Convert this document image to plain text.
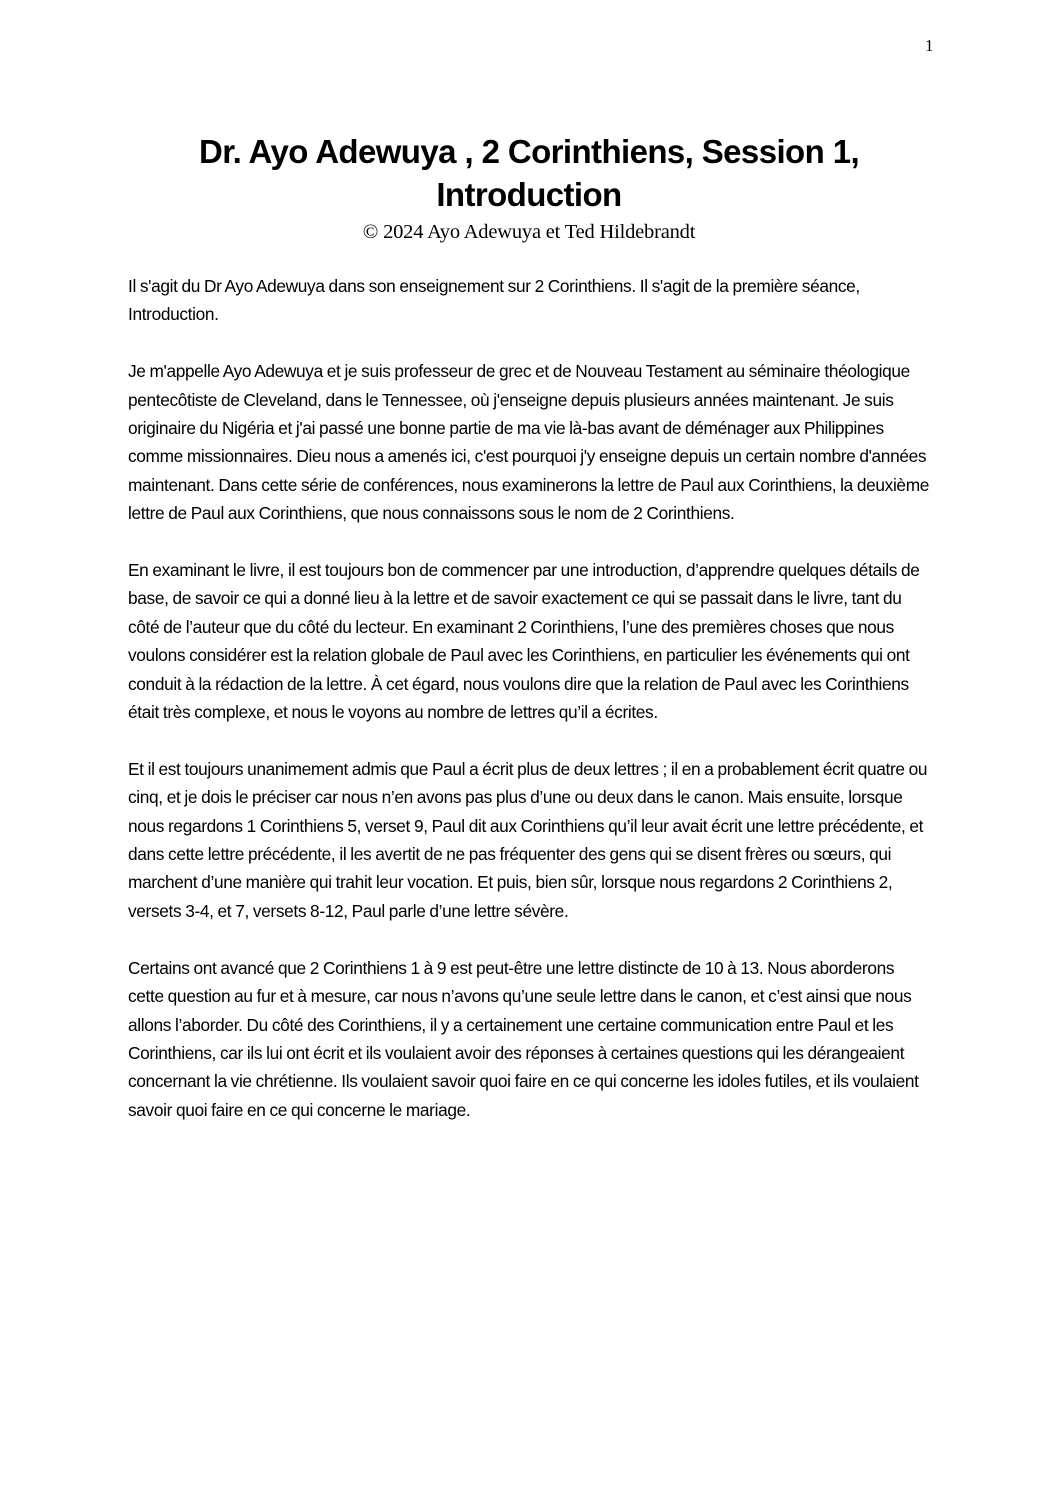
1
Dr. Ayo Adewuya , 2 Corinthiens, Session 1,
Introduction
© 2024 Ayo Adewuya et Ted Hildebrandt

Il s'agit du Dr Ayo Adewuya dans son enseignement sur 2 Corinthiens. Il s'agit de la première séance, Introduction.

Je m'appelle Ayo Adewuya et je suis professeur de grec et de Nouveau Testament au séminaire théologique pentecôtiste de Cleveland, dans le Tennessee, où j'enseigne depuis plusieurs années maintenant. Je suis originaire du Nigéria et j'ai passé une bonne partie de ma vie là-bas avant de déménager aux Philippines comme missionnaires. Dieu nous a amenés ici, c'est pourquoi j'y enseigne depuis un certain nombre d'années maintenant. Dans cette série de conférences, nous examinerons la lettre de Paul aux Corinthiens, la deuxième lettre de Paul aux Corinthiens, que nous connaissons sous le nom de 2 Corinthiens.

En examinant le livre, il est toujours bon de commencer par une introduction, d’apprendre quelques détails de base, de savoir ce qui a donné lieu à la lettre et de savoir exactement ce qui se passait dans le livre, tant du côté de l’auteur que du côté du lecteur. En examinant 2 Corinthiens, l’une des premières choses que nous voulons considérer est la relation globale de Paul avec les Corinthiens, en particulier les événements qui ont conduit à la rédaction de la lettre. À cet égard, nous voulons dire que la relation de Paul avec les Corinthiens était très complexe, et nous le voyons au nombre de lettres qu’il a écrites.

Et il est toujours unanimement admis que Paul a écrit plus de deux lettres ; il en a probablement écrit quatre ou cinq, et je dois le préciser car nous n’en avons pas plus d’une ou deux dans le canon. Mais ensuite, lorsque nous regardons 1 Corinthiens 5, verset 9, Paul dit aux Corinthiens qu’il leur avait écrit une lettre précédente, et dans cette lettre précédente, il les avertit de ne pas fréquenter des gens qui se disent frères ou sœurs, qui marchent d’une manière qui trahit leur vocation. Et puis, bien sûr, lorsque nous regardons 2 Corinthiens 2, versets 3-4, et 7, versets 8-12, Paul parle d’une lettre sévère.

Certains ont avancé que 2 Corinthiens 1 à 9 est peut-être une lettre distincte de 10 à 13. Nous aborderons cette question au fur et à mesure, car nous n’avons qu’une seule lettre dans le canon, et c’est ainsi que nous allons l’aborder. Du côté des Corinthiens, il y a certainement une certaine communication entre Paul et les Corinthiens, car ils lui ont écrit et ils voulaient avoir des réponses à certaines questions qui les dérangeaient concernant la vie chrétienne. Ils voulaient savoir quoi faire en ce qui concerne les idoles futiles, et ils voulaient savoir quoi faire en ce qui concerne le mariage.
